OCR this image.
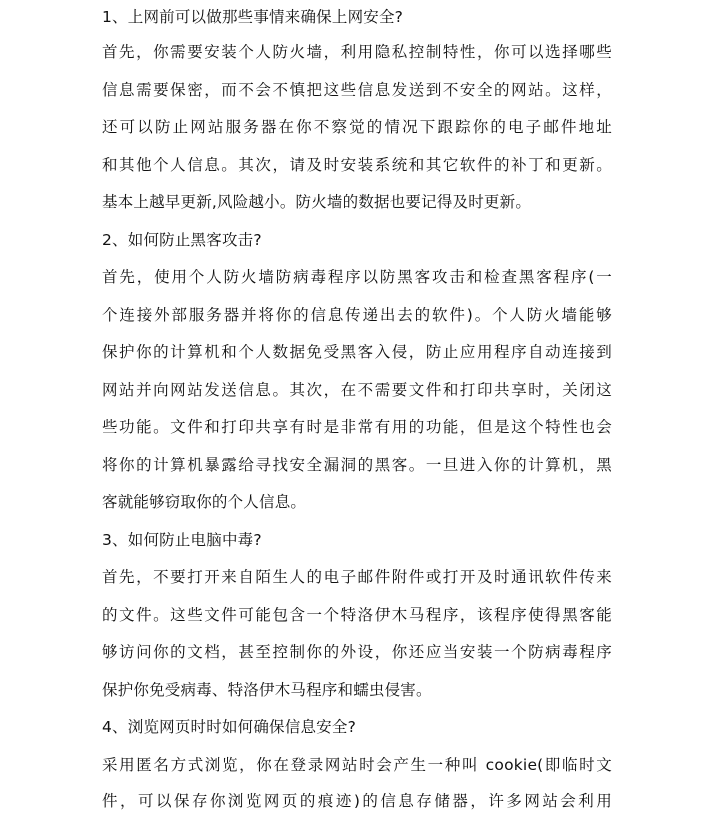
1、上网前可以做那些事情来确保上网安全?
首先，你需要安装个人防火墙，利用隐私控制特性，你可以选择哪些
信息需要保密，而不会不慎把这些信息发送到不安全的网站。这样，
还可以防止网站服务器在你不察觉的情况下跟踪你的电子邮件地址
和其他个人信息。其次，请及时安装系统和其它软件的补丁和更新。
基本上越早更新,风险越小。防火墙的数据也要记得及时更新。
2、如何防止黑客攻击?
首先，使用个人防火墙防病毒程序以防黑客攻击和检查黑客程序(一
个连接外部服务器并将你的信息传递出去的软件)。个人防火墙能够
保护你的计算机和个人数据免受黑客入侵，防止应用程序自动连接到
网站并向网站发送信息。其次，在不需要文件和打印共享时，关闭这
些功能。文件和打印共享有时是非常有用的功能，但是这个特性也会
将你的计算机暴露给寻找安全漏洞的黑客。一旦进入你的计算机，黑
客就能够窃取你的个人信息。
3、如何防止电脑中毒?
首先，不要打开来自陌生人的电子邮件附件或打开及时通讯软件传来
的文件。这些文件可能包含一个特洛伊木马程序，该程序使得黑客能
够访问你的文档，甚至控制你的外设，你还应当安装一个防病毒程序
保护你免受病毒、特洛伊木马程序和蠕虫侵害。
4、浏览网页时时如何确保信息安全?
采用匿名方式浏览，你在登录网站时会产生一种叫 cookie(即临时文
件，可以保存你浏览网页的痕迹)的信息存储器，许多网站会利用
